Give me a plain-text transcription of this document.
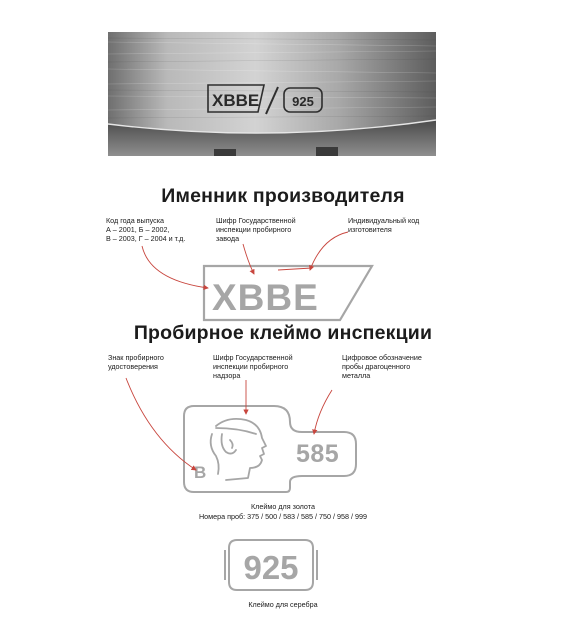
XBBE	925
Именник производителя
Код года выпуска
А – 2001, Б – 2002,
В – 2003, Г – 2004 и т.д.
Шифр Государственной
инспекции пробирного
завода
Индивидуальный код
изготовителя
XBBE
Пробирное клеймо инспекции
Знак пробирного
удостоверения
Шифр Государственной
инспекции пробирного
надзора
Цифровое обозначение
пробы драгоценного
металла
В
585
Клеймо для золота
Номера проб: 375 / 500 / 583 / 585 / 750 / 958 / 999
925
Клеймо для серебра
